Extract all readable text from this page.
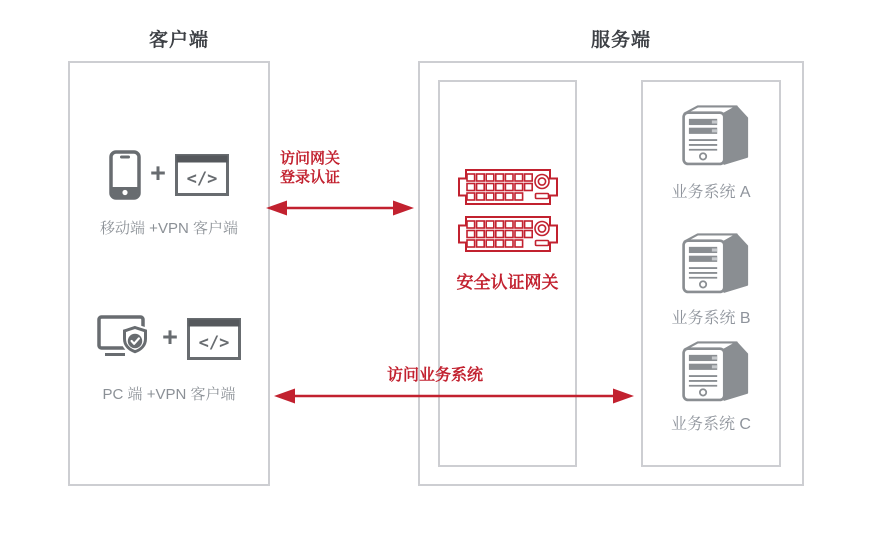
客户端	服务端
+ </>
移动端 +VPN 客户端
+ </>
PC 端 +VPN 客户端
安全认证网关
业务系统 A
业务系统 B
业务系统 C
访问网关
登录认证
访问业务系统
